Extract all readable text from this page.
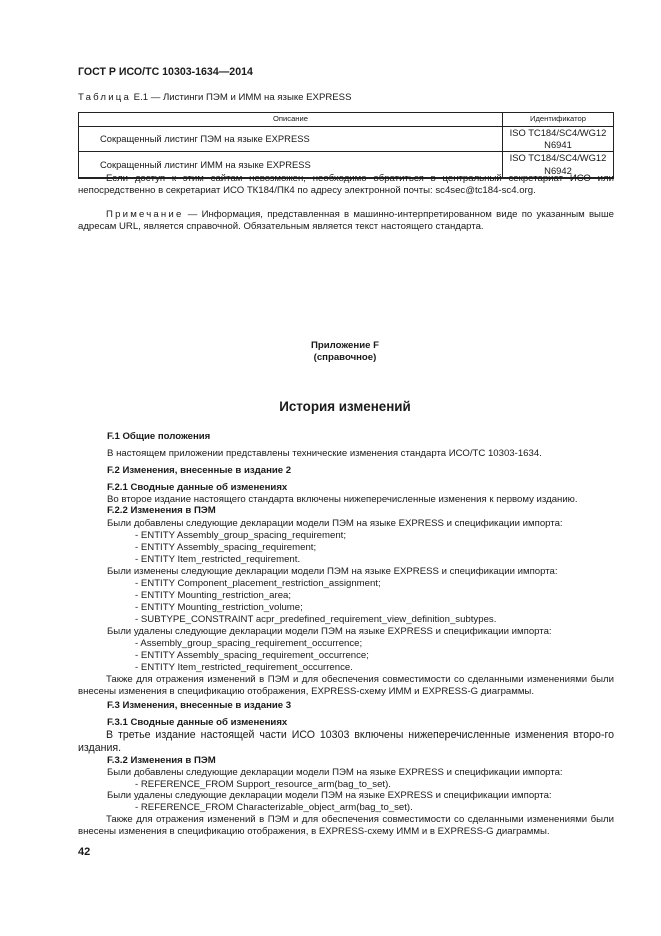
ГОСТ Р ИСО/ТС 10303-1634—2014
Таблица Е.1 — Листинги ПЭМ и ИММ на языке EXPRESS
Описание	Идентификатор
Сокращенный листинг ПЭМ на языке EXPRESS	ISO TC184/SC4/WG12 N6941
Сокращенный листинг ИММ на языке EXPRESS	ISO TC184/SC4/WG12 N6942
Если доступ к этим сайтам невозможен, необходимо обратиться в центральный секретариат ИСО или непосредственно в секретариат ИСО ТК184/ПК4 по адресу электронной почты: sc4sec@tc184-sc4.org.
Примечание — Информация, представленная в машинно-интерпретированном виде по указанным выше адресам URL, является справочной. Обязательным является текст настоящего стандарта.
Приложение F
(справочное)
История изменений
F.1 Общие положения
В настоящем приложении представлены технические изменения стандарта ИСО/ТС 10303-1634.
F.2 Изменения, внесенные в издание 2
F.2.1 Сводные данные об изменениях
Во второе издание настоящего стандарта включены нижеперечисленные изменения к первому изданию.
F.2.2 Изменения в ПЭМ
Были добавлены следующие декларации модели ПЭМ на языке EXPRESS и спецификации импорта:
- ENTITY Assembly_group_spacing_requirement;
- ENTITY Assembly_spacing_requirement;
- ENTITY Item_restricted_requirement.
Были изменены следующие декларации модели ПЭМ на языке EXPRESS и спецификации импорта:
- ENTITY Component_placement_restriction_assignment;
- ENTITY Mounting_restriction_area;
- ENTITY Mounting_restriction_volume;
- SUBTYPE_CONSTRAINT acpr_predefined_requirement_view_definition_subtypes.
Были удалены следующие декларации модели ПЭМ на языке EXPRESS и спецификации импорта:
- Assembly_group_spacing_requirement_occurrence;
- ENTITY Assembly_spacing_requirement_occurrence;
- ENTITY Item_restricted_requirement_occurrence.
Также для отражения изменений в ПЭМ и для обеспечения совместимости со сделанными изменениями были внесены изменения в спецификацию отображения, EXPRESS-схему ИММ и EXPRESS-G диаграммы.
F.3 Изменения, внесенные в издание 3
F.3.1 Сводные данные об изменениях
В третье издание настоящей части ИСО 10303 включены нижеперечисленные изменения второ-го издания.
F.3.2 Изменения в ПЭМ
Были добавлены следующие декларации модели ПЭМ на языке EXPRESS и спецификации импорта:
- REFERENCE_FROM Support_resource_arm(bag_to_set).
Были удалены следующие декларации модели ПЭМ на языке EXPRESS и спецификации импорта:
- REFERENCE_FROM Characterizable_object_arm(bag_to_set).
Также для отражения изменений в ПЭМ и для обеспечения совместимости со сделанными изменениями были внесены изменения в спецификацию отображения, в EXPRESS-схему ИММ и в EXPRESS-G диаграммы.
42
